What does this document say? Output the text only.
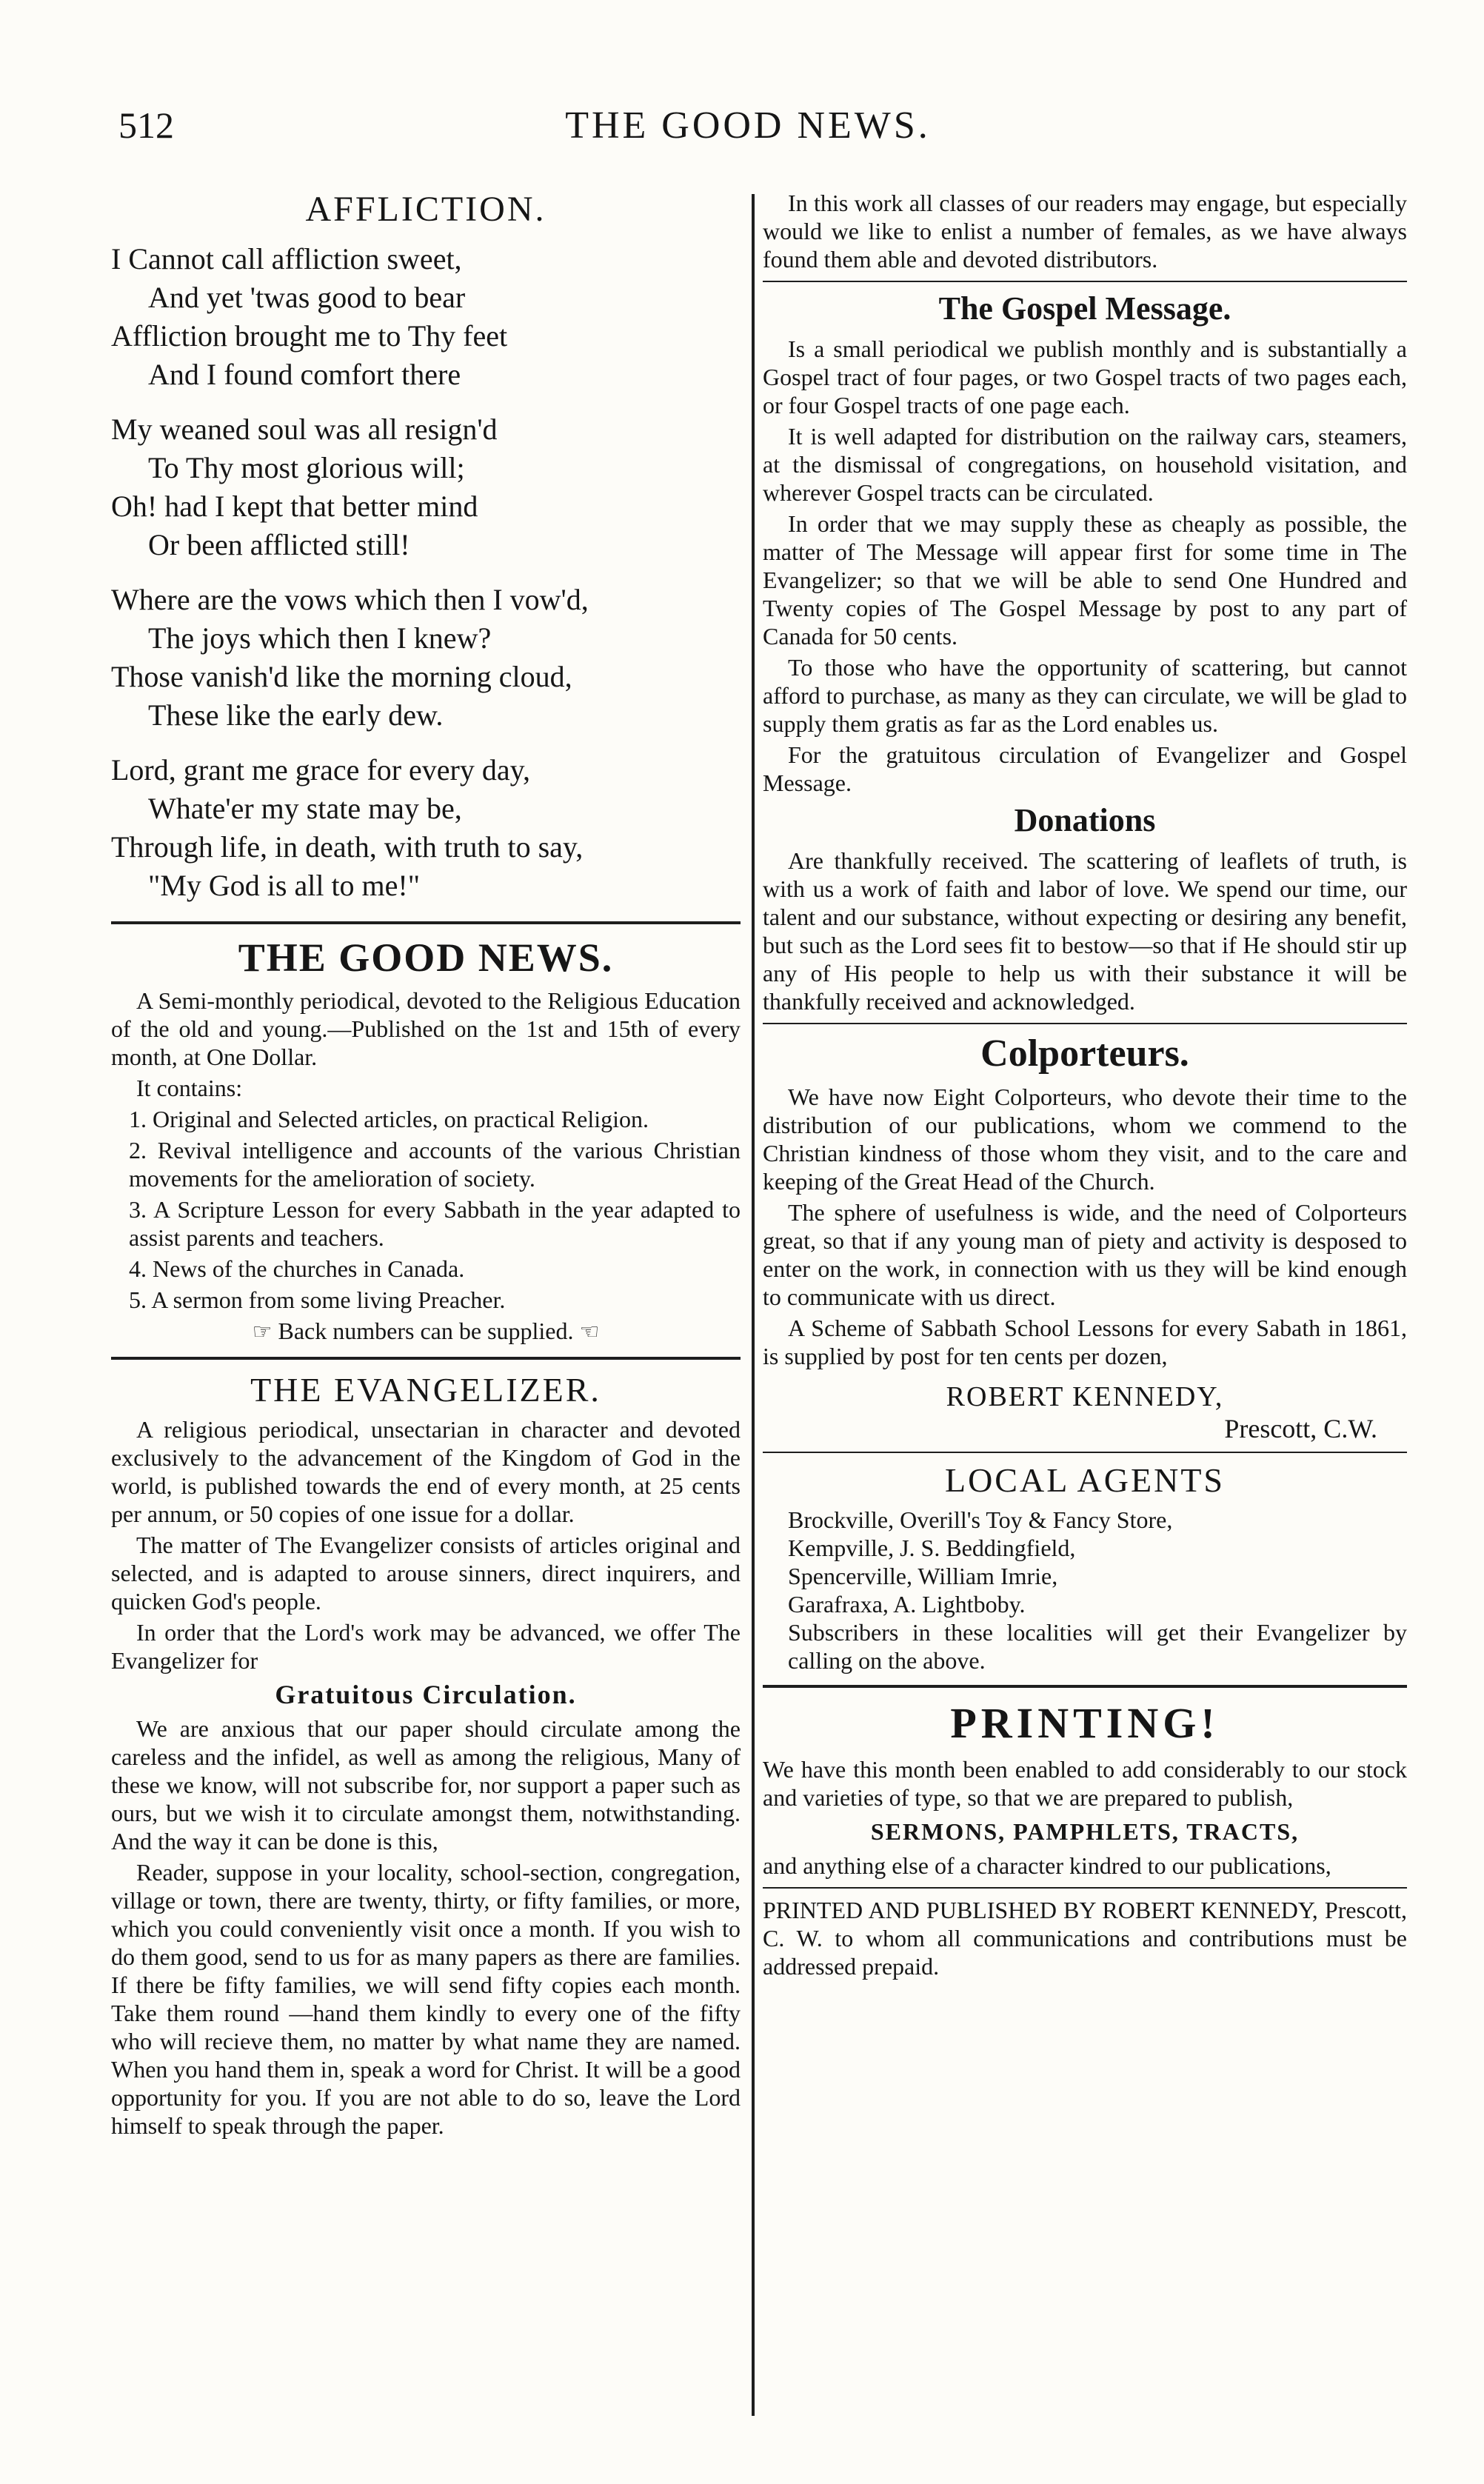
512	THE GOOD NEWS.
AFFLICTION.

I Cannot call affliction sweet,

And yet 'twas good to bear

Affliction brought me to Thy feet

And I found comfort there

My weaned soul was all resign'd

To Thy most glorious will;

Oh! had I kept that better mind

Or been afflicted still!

Where are the vows which then I vow'd,

The joys which then I knew?

Those vanish'd like the morning cloud,

These like the early dew.

Lord, grant me grace for every day,

Whate'er my state may be,

Through life, in death, with truth to say,

"My God is all to me!"

THE GOOD NEWS.

A Semi-monthly periodical, devoted to the Religious Education of the old and young.—Published on the 1st and 15th of every month, at One Dollar.

It contains:

1. Original and Selected articles, on practical Religion.

2. Revival intelligence and accounts of the various Christian movements for the amelioration of society.

3. A Scripture Lesson for every Sabbath in the year adapted to assist parents and teachers.

4. News of the churches in Canada.

5. A sermon from some living Preacher.

☞ Back numbers can be supplied. ☜

THE EVANGELIZER.

A religious periodical, unsectarian in character and devoted exclusively to the advancement of the Kingdom of God in the world, is published towards the end of every month, at 25 cents per annum, or 50 copies of one issue for a dollar.

The matter of The Evangelizer consists of articles original and selected, and is adapted to arouse sinners, direct inquirers, and quicken God's people.

In order that the Lord's work may be advanced, we offer The Evangelizer for

Gratuitous Circulation.

We are anxious that our paper should circulate among the careless and the infidel, as well as among the religious, Many of these we know, will not subscribe for, nor support a paper such as ours, but we wish it to circulate amongst them, notwithstanding. And the way it can be done is this,

Reader, suppose in your locality, school-section, congregation, village or town, there are twenty, thirty, or fifty families, or more, which you could conveniently visit once a month. If you wish to do them good, send to us for as many papers as there are families. If there be fifty families, we will send fifty copies each month. Take them round —hand them kindly to every one of the fifty who will recieve them, no matter by what name they are named. When you hand them in, speak a word for Christ. It will be a good opportunity for you. If you are not able to do so, leave the Lord himself to speak through the paper.

In this work all classes of our readers may engage, but especially would we like to enlist a number of females, as we have always found them able and devoted distributors.

The Gospel Message.

Is a small periodical we publish monthly and is substantially a Gospel tract of four pages, or two Gospel tracts of two pages each, or four Gospel tracts of one page each.

It is well adapted for distribution on the railway cars, steamers, at the dismissal of congregations, on household visitation, and wherever Gospel tracts can be circulated.

In order that we may supply these as cheaply as possible, the matter of The Message will appear first for some time in The Evangelizer; so that we will be able to send One Hundred and Twenty copies of The Gospel Message by post to any part of Canada for 50 cents.

To those who have the opportunity of scattering, but cannot afford to purchase, as many as they can circulate, we will be glad to supply them gratis as far as the Lord enables us.

For the gratuitous circulation of Evangelizer and Gospel Message.

Donations

Are thankfully received. The scattering of leaflets of truth, is with us a work of faith and labor of love. We spend our time, our talent and our substance, without expecting or desiring any benefit, but such as the Lord sees fit to bestow—so that if He should stir up any of His people to help us with their substance it will be thankfully received and acknowledged.

Colporteurs.

We have now Eight Colporteurs, who devote their time to the distribution of our publications, whom we commend to the Christian kindness of those whom they visit, and to the care and keeping of the Great Head of the Church.

The sphere of usefulness is wide, and the need of Colporteurs great, so that if any young man of piety and activity is desposed to enter on the work, in connection with us they will be kind enough to communicate with us direct.

A Scheme of Sabbath School Lessons for every Sabath in 1861, is supplied by post for ten cents per dozen,

ROBERT KENNEDY,
Prescott, C.W.
LOCAL AGENTS

Brockville, Overill's Toy & Fancy Store,

Kempville, J. S. Beddingfield,

Spencerville, William Imrie,

Garafraxa, A. Lightboby.

Subscribers in these localities will get their Evangelizer by calling on the above.

PRINTING!

We have this month been enabled to add considerably to our stock and varieties of type, so that we are prepared to publish,

SERMONS, PAMPHLETS, TRACTS,

and anything else of a character kindred to our publications,

PRINTED AND PUBLISHED BY ROBERT KENNEDY, Prescott, C. W. to whom all communications and contributions must be addressed prepaid.
